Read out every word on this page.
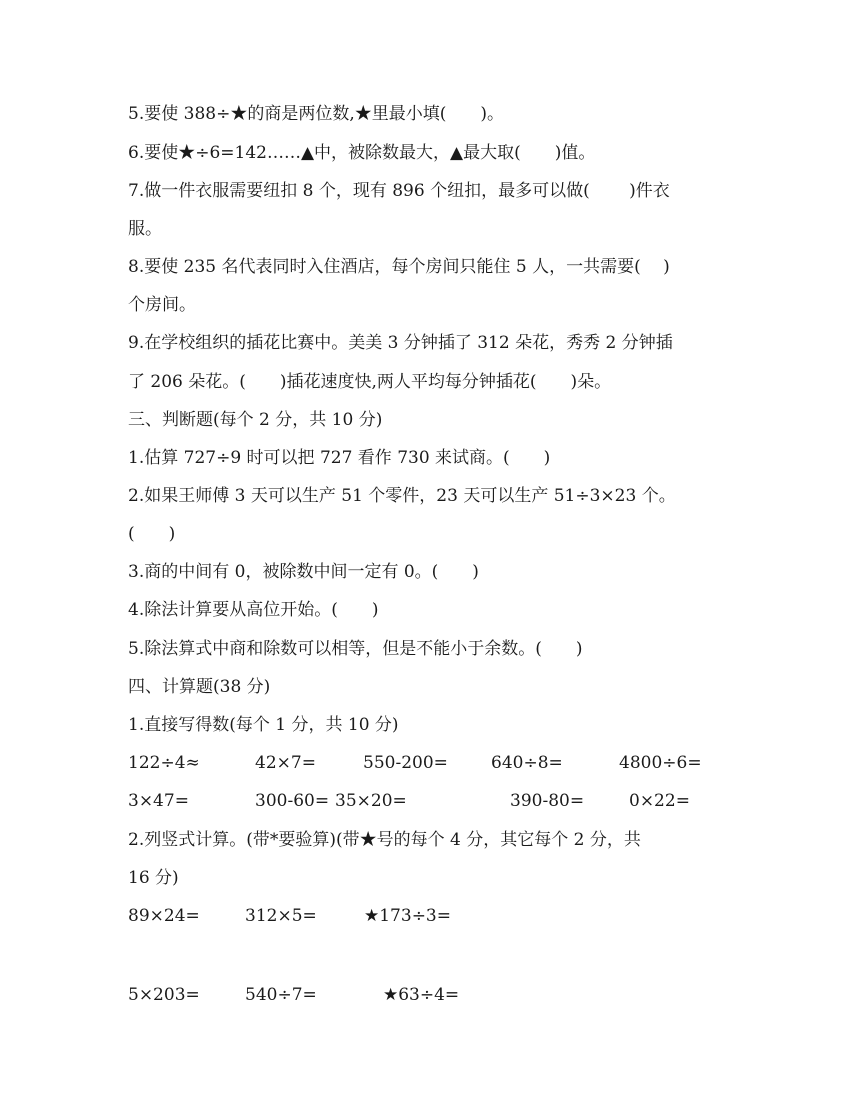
5.要使 388÷★的商是两位数,★里最小填(　　)。
6.要使★÷6=142……▲中，被除数最大，▲最大取(　　)值。
7.做一件衣服需要纽扣 8 个，现有 896 个纽扣，最多可以做(　　 )件衣
服。
8.要使 235 名代表同时入住酒店，每个房间只能住 5 人，一共需要(　 )
个房间。
9.在学校组织的插花比赛中。美美 3 分钟插了 312 朵花，秀秀 2 分钟插
了 206 朵花。(　　)插花速度快,两人平均每分钟插花(　　)朵。
三、判断题(每个 2 分，共 10 分)
1.估算 727÷9 时可以把 727 看作 730 来试商。(　　)
2.如果王师傅 3 天可以生产 51 个零件，23 天可以生产 51÷3×23 个。
(　　)
3.商的中间有 0，被除数中间一定有 0。(　　)
4.除法计算要从高位开始。(　　)
5.除法算式中商和除数可以相等，但是不能小于余数。(　　)
四、计算题(38 分)
1.直接写得数(每个 1 分，共 10 分)
122÷4≈	42×7=	550-200=	640÷8=	4800÷6=
3×47=	300-60= 35×20=	390-80=	0×22=
2.列竖式计算。(带*要验算)(带★号的每个 4 分，其它每个 2 分，共
16 分)
89×24=	312×5=	★173÷3=
5×203=	540÷7=	★63÷4=
